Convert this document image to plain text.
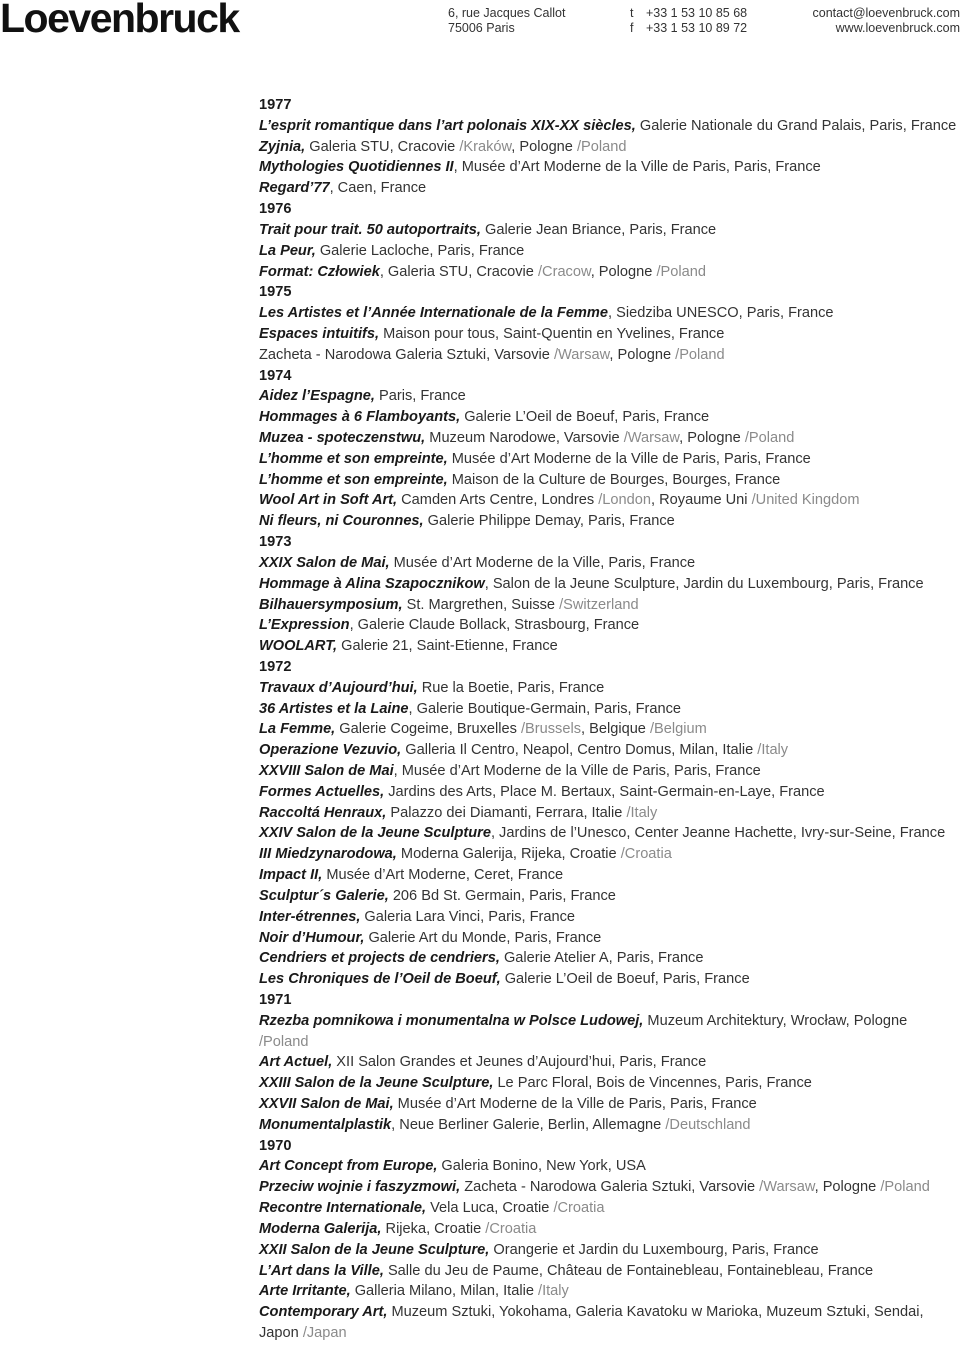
Loevenbruck	6, rue Jacques Callot
75006 Paris
t +33 1 53 10 85 68
f +33 1 53 10 89 72
contact@loevenbruck.com
www.loevenbruck.com
1977
L’esprit romantique dans l’art polonais XIX-XX siècles, Galerie Nationale du Grand Palais, Paris, France
Zyjnia, Galeria STU, Cracovie /Kraków, Pologne /Poland
Mythologies Quotidiennes II, Musée d’Art Moderne de la Ville de Paris, Paris, France
Regard’77, Caen, France
1976
Trait pour trait. 50 autoportraits, Galerie Jean Briance, Paris, France
La Peur, Galerie Lacloche, Paris, France
Format: Człowiek, Galeria STU, Cracovie /Cracow, Pologne /Poland
1975
Les Artistes et l’Année Internationale de la Femme, Siedziba UNESCO, Paris, France
Espaces intuitifs, Maison pour tous, Saint-Quentin en Yvelines, France
Zacheta - Narodowa Galeria Sztuki, Varsovie /Warsaw, Pologne /Poland
1974
Aidez l’Espagne, Paris, France
Hommages à 6 Flamboyants, Galerie L’Oeil de Boeuf, Paris, France
Muzea - spoteczenstwu, Muzeum Narodowe, Varsovie /Warsaw, Pologne /Poland
L’homme et son empreinte, Musée d’Art Moderne de la Ville de Paris, Paris, France
L’homme et son empreinte, Maison de la Culture de Bourges, Bourges, France
Wool Art in Soft Art, Camden Arts Centre, Londres /London, Royaume Uni /United Kingdom
Ni fleurs, ni Couronnes, Galerie Philippe Demay, Paris, France
1973
XXIX Salon de Mai, Musée d’Art Moderne de la Ville, Paris, France
Hommage à Alina Szapocznikow, Salon de la Jeune Sculpture, Jardin du Luxembourg, Paris, France
Bilhauersymposium, St. Margrethen, Suisse /Switzerland
L’Expression, Galerie Claude Bollack, Strasbourg, France
WOOLART, Galerie 21, Saint-Etienne, France
1972
Travaux d’Aujourd’hui, Rue la Boetie, Paris, France
36 Artistes et la Laine, Galerie Boutique-Germain, Paris, France
La Femme, Galerie Cogeime, Bruxelles /Brussels, Belgique /Belgium
Operazione Vezuvio, Galleria Il Centro, Neapol, Centro Domus, Milan, Italie /Italy
XXVIII Salon de Mai, Musée d’Art Moderne de la Ville de Paris, Paris, France
Formes Actuelles, Jardins des Arts, Place M. Bertaux, Saint-Germain-en-Laye, France
Raccoltá Henraux, Palazzo dei Diamanti, Ferrara, Italie /Italy
XXIV Salon de la Jeune Sculpture, Jardins de l’Unesco, Center Jeanne Hachette, Ivry-sur-Seine, France
III Miedzynarodowa, Moderna Galerija, Rijeka, Croatie /Croatia
Impact II, Musée d’Art Moderne, Ceret, France
Sculptur´s Galerie, 206 Bd St. Germain, Paris, France
Inter-étrennes, Galeria Lara Vinci, Paris, France
Noir d’Humour, Galerie Art du Monde, Paris, France
Cendriers et projects de cendriers, Galerie Atelier A, Paris, France
Les Chroniques de l’Oeil de Boeuf, Galerie L’Oeil de Boeuf, Paris, France
1971
Rzezba pomnikowa i monumentalna w Polsce Ludowej, Muzeum Architektury, Wrocław, Pologne /Poland
Art Actuel, XII Salon Grandes et Jeunes d’Aujourd’hui, Paris, France
XXIII Salon de la Jeune Sculpture, Le Parc Floral, Bois de Vincennes, Paris, France
XXVII Salon de Mai, Musée d’Art Moderne de la Ville de Paris, Paris, France
Monumentalplastik, Neue Berliner Galerie, Berlin, Allemagne /Deutschland
1970
Art Concept from Europe, Galeria Bonino, New York, USA
Przeciw wojnie i faszyzmowi, Zacheta - Narodowa Galeria Sztuki, Varsovie /Warsaw, Pologne /Poland
Recontre Internationale, Vela Luca, Croatie /Croatia
Moderna Galerija, Rijeka, Croatie /Croatia
XXII Salon de la Jeune Sculpture, Orangerie et Jardin du Luxembourg, Paris, France
L’Art dans la Ville, Salle du Jeu de Paume, Château de Fontainebleau, Fontainebleau, France
Arte Irritante, Galleria Milano, Milan, Italie /Italy
Contemporary Art, Muzeum Sztuki, Yokohama, Galeria Kavatoku w Marioka, Muzeum Sztuki, Sendai, Japon /Japan
